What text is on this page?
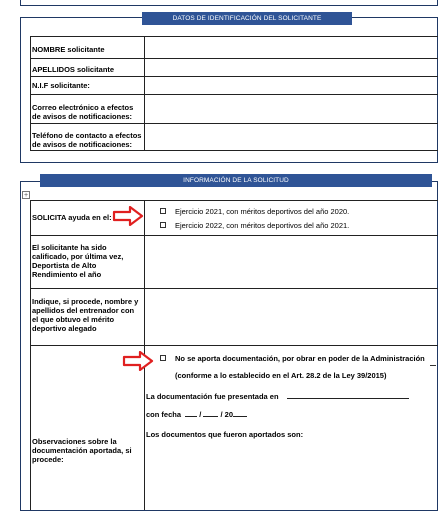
DATOS DE IDENTIFICACIÓN DEL SOLICITANTE
NOMBRE solicitante
APELLIDOS solicitante
N.I.F solicitante:
Correo electrónico a efectos de avisos de notificaciones:
Teléfono de contacto a efectos de avisos de notificaciones:
INFORMACIÓN DE LA SOLICITUD
+
SOLICITA ayuda en el:
Ejercicio 2021, con méritos deportivos del año 2020.
Ejercicio 2022, con méritos deportivos del año 2021.
El solicitante ha sido calificado, por última vez, Deportista de Alto Rendimiento el año
Indique, si procede, nombre y apellidos del entrenador con el que obtuvo el mérito deportivo alegado
Observaciones sobre la documentación aportada, si procede:
No se aporta documentación, por obrar en poder de la Administración
(conforme a lo establecido en el Art. 28.2 de la Ley 39/2015)
La documentación fue presentada en
con fecha /	/ 20
Los documentos que fueron aportados son:
